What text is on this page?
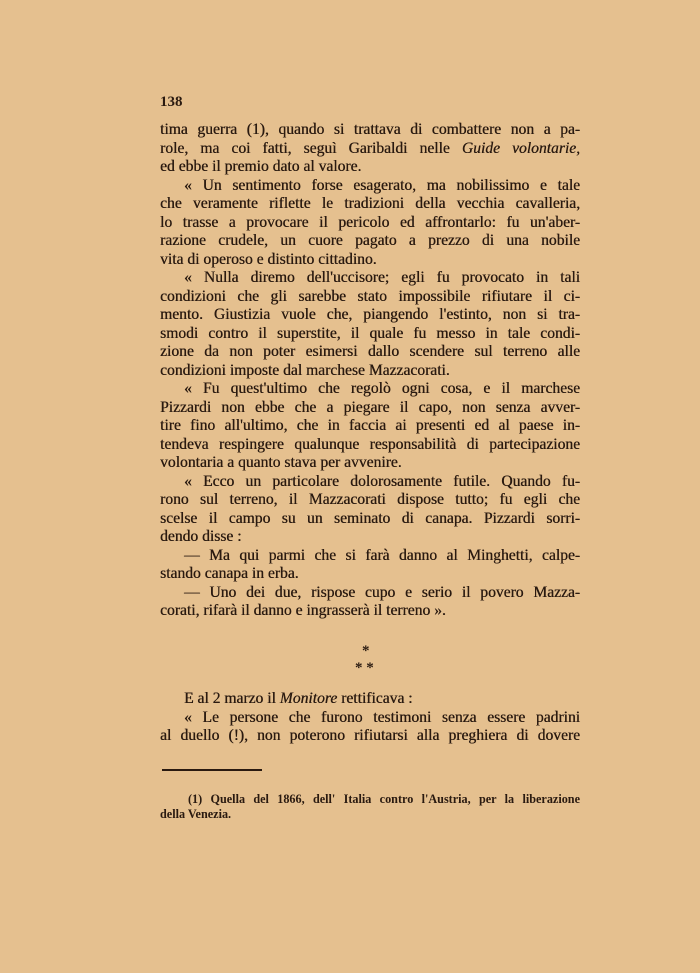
138
tima guerra (1), quando si trattava di combattere non a pa-
role, ma coi fatti, seguì Garibaldi nelle Guide volontarie,
ed ebbe il premio dato al valore.
« Un sentimento forse esagerato, ma nobilissimo e tale
che veramente riflette le tradizioni della vecchia cavalleria,
lo trasse a provocare il pericolo ed affrontarlo: fu un'aber-
razione crudele, un cuore pagato a prezzo di una nobile
vita di operoso e distinto cittadino.
« Nulla diremo dell'uccisore; egli fu provocato in tali
condizioni che gli sarebbe stato impossibile rifiutare il ci-
mento. Giustizia vuole che, piangendo l'estinto, non si tra-
smodi contro il superstite, il quale fu messo in tale condi-
zione da non poter esimersi dallo scendere sul terreno alle
condizioni imposte dal marchese Mazzacorati.
« Fu quest'ultimo che regolò ogni cosa, e il marchese
Pizzardi non ebbe che a piegare il capo, non senza avver-
tire fino all'ultimo, che in faccia ai presenti ed al paese in-
tendeva respingere qualunque responsabilità di partecipazione
volontaria a quanto stava per avvenire.
« Ecco un particolare dolorosamente futile. Quando fu-
rono sul terreno, il Mazzacorati dispose tutto; fu egli che
scelse il campo su un seminato di canapa. Pizzardi sorri-
dendo disse :
— Ma qui parmi che si farà danno al Minghetti, calpe-
stando canapa in erba.
— Uno dei due, rispose cupo e serio il povero Mazza-
corati, rifarà il danno e ingrasserà il terreno ».
*
* *
E al 2 marzo il Monitore rettificava :
« Le persone che furono testimoni senza essere padrini
al duello (!), non poterono rifiutarsi alla preghiera di dovere
(1) Quella del 1866, dell' Italia contro l'Austria, per la liberazione
della Venezia.
